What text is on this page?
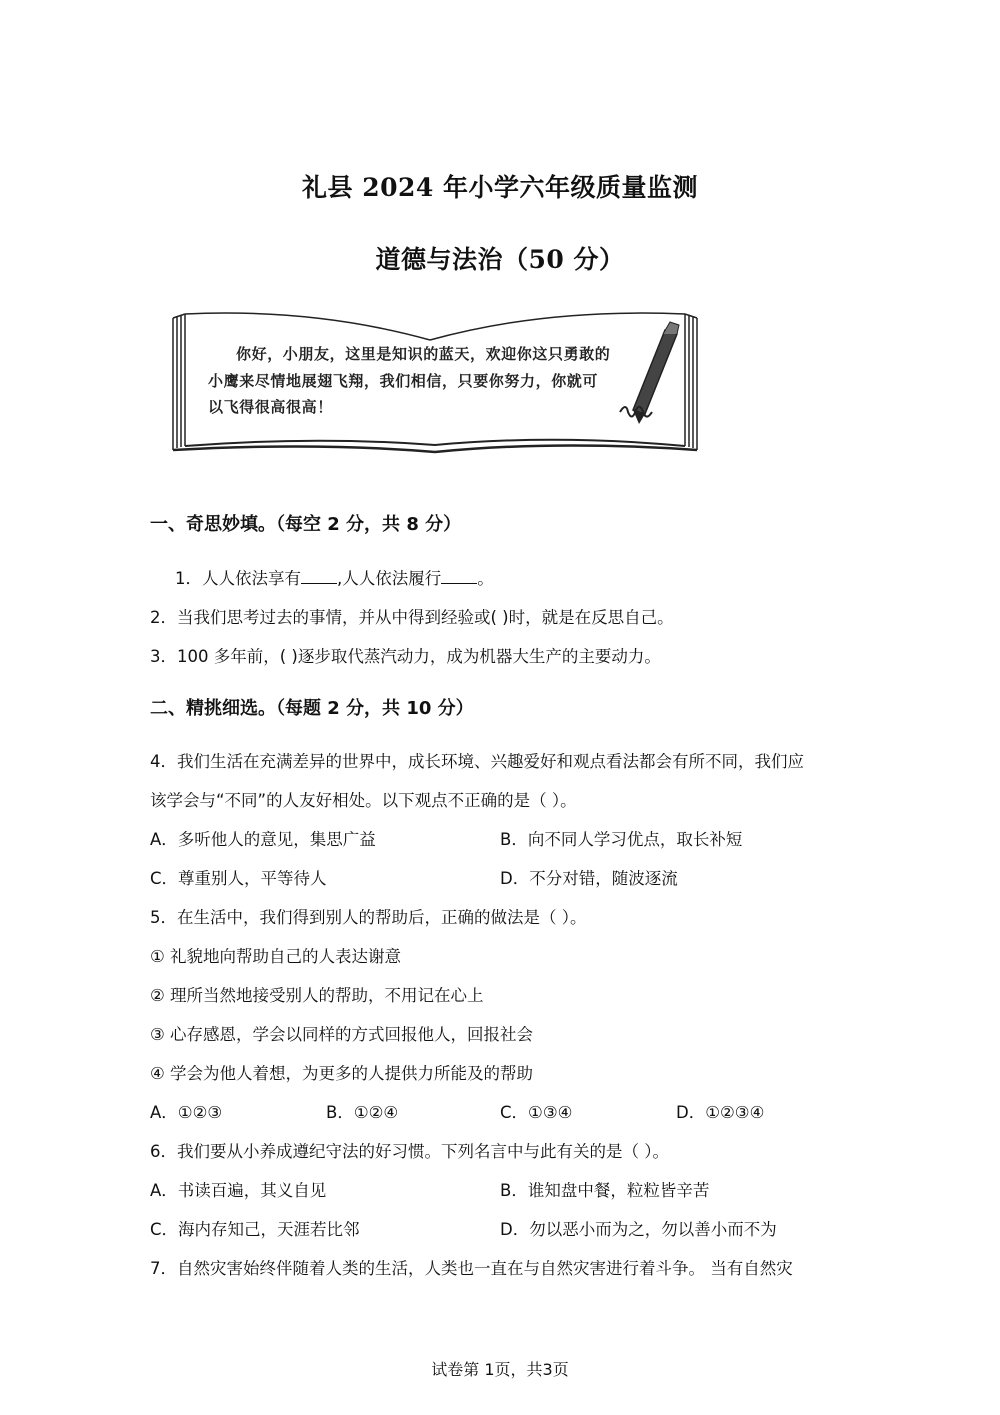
礼县 2024 年小学六年级质量监测
道德与法治（50 分）
你好，小朋友，这里是知识的蓝天，欢迎你这只勇敢的
小鹰来尽情地展翅飞翔，我们相信，只要你努力，你就可
以飞得很高很高！
一、奇思妙填。（每空 2 分，共 8 分）
1．人人依法享有 ,人人依法履行 。
2．当我们思考过去的事情，并从中得到经验或( )时，就是在反思自己。
3．100 多年前，( )逐步取代蒸汽动力，成为机器大生产的主要动力。
二、精挑细选。（每题 2 分，共 10 分）
4．我们生活在充满差异的世界中，成长环境、兴趣爱好和观点看法都会有所不同，我们应
该学会与“不同”的人友好相处。以下观点不正确的是（ ）。
A．多听他人的意见，集思广益	B．向不同人学习优点，取长补短
C．尊重别人，平等待人	D．不分对错，随波逐流
5．在生活中，我们得到别人的帮助后，正确的做法是（ ）。
① 礼貌地向帮助自己的人表达谢意
② 理所当然地接受别人的帮助，不用记在心上
③ 心存感恩，学会以同样的方式回报他人，回报社会
④ 学会为他人着想，为更多的人提供力所能及的帮助
A．①②③	B．①②④	C．①③④	D．①②③④
6．我们要从小养成遵纪守法的好习惯。下列名言中与此有关的是（ ）。
A．书读百遍，其义自见	B．谁知盘中餐，粒粒皆辛苦
C．海内存知己，天涯若比邻	D．勿以恶小而为之，勿以善小而不为
7．自然灾害始终伴随着人类的生活，人类也一直在与自然灾害进行着斗争。 当有自然灾
试卷第 1页，共3页
